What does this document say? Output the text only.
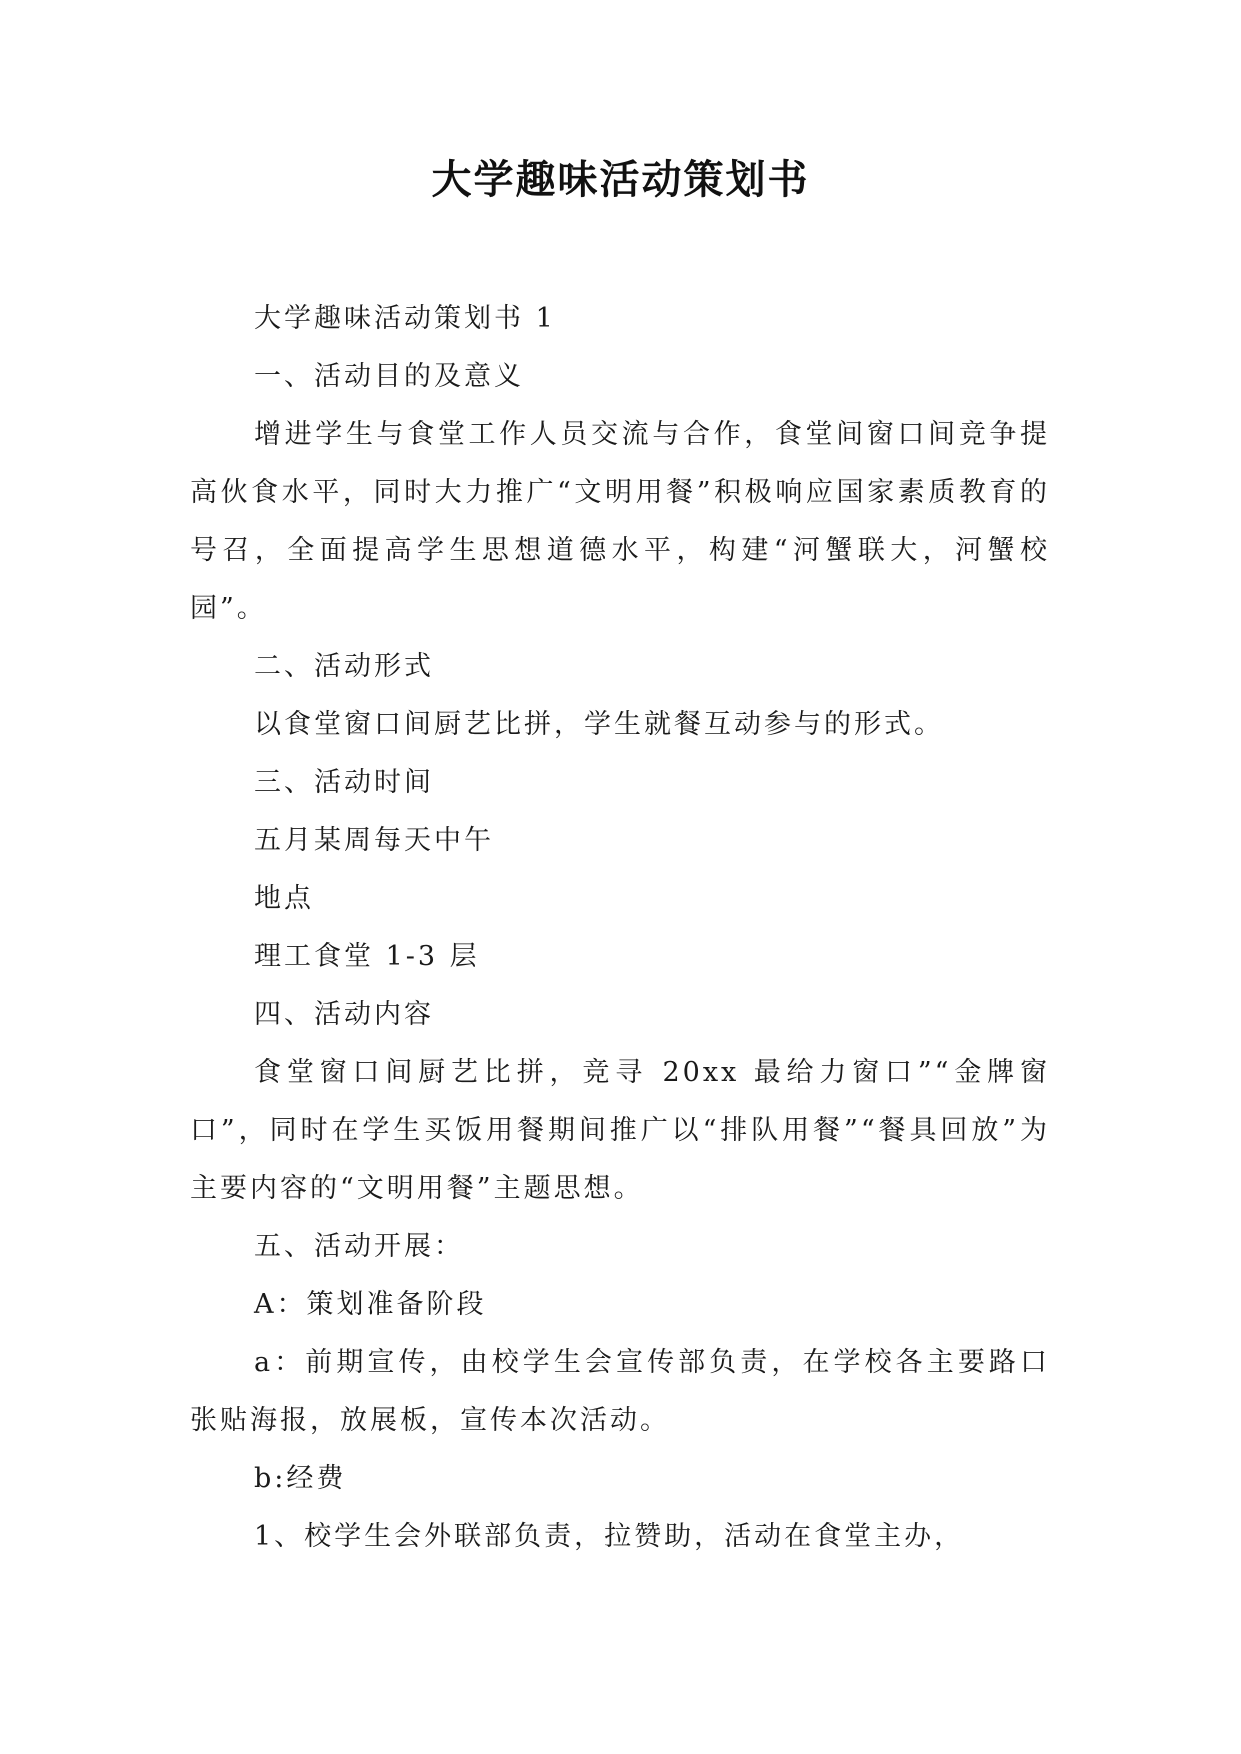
大学趣味活动策划书

大学趣味活动策划书 1

一、活动目的及意义

增进学生与食堂工作人员交流与合作，食堂间窗口间竞争提高伙食水平，同时大力推广“文明用餐”积极响应国家素质教育的号召，全面提高学生思想道德水平，构建“河蟹联大，河蟹校园”。

二、活动形式

以食堂窗口间厨艺比拼，学生就餐互动参与的形式。

三、活动时间

五月某周每天中午

地点

理工食堂 1-3 层

四、活动内容

食堂窗口间厨艺比拼，竞寻 20xx 最给力窗口”“金牌窗口”，同时在学生买饭用餐期间推广以“排队用餐”“餐具回放”为主要内容的“文明用餐”主题思想。

五、活动开展：

A：策划准备阶段

a：前期宣传，由校学生会宣传部负责，在学校各主要路口张贴海报，放展板，宣传本次活动。

b:经费

1、校学生会外联部负责，拉赞助，活动在食堂主办，
